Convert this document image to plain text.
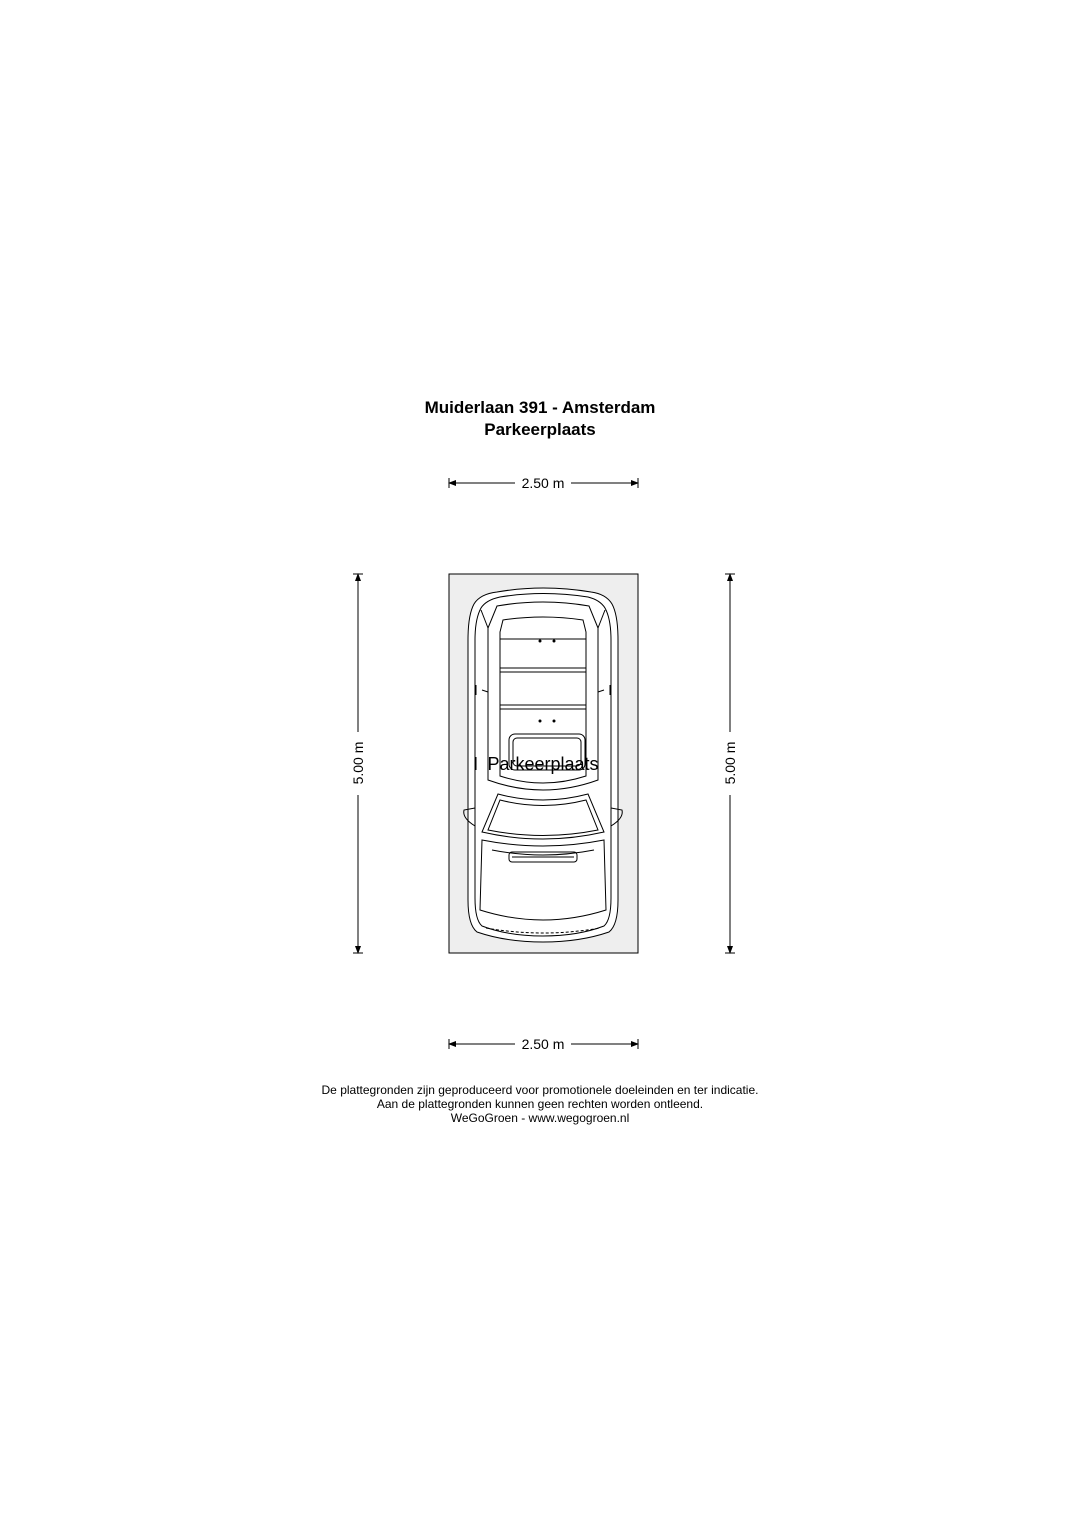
Muiderlaan 391 - Amsterdam
Parkeerplaats
Parkeerplaats
2.50 m
2.50 m
5.00 m	5.00 m
De plattegronden zijn geproduceerd voor promotionele doeleinden en ter indicatie.
Aan de plattegronden kunnen geen rechten worden ontleend.
WeGoGroen - www.wegogroen.nl
